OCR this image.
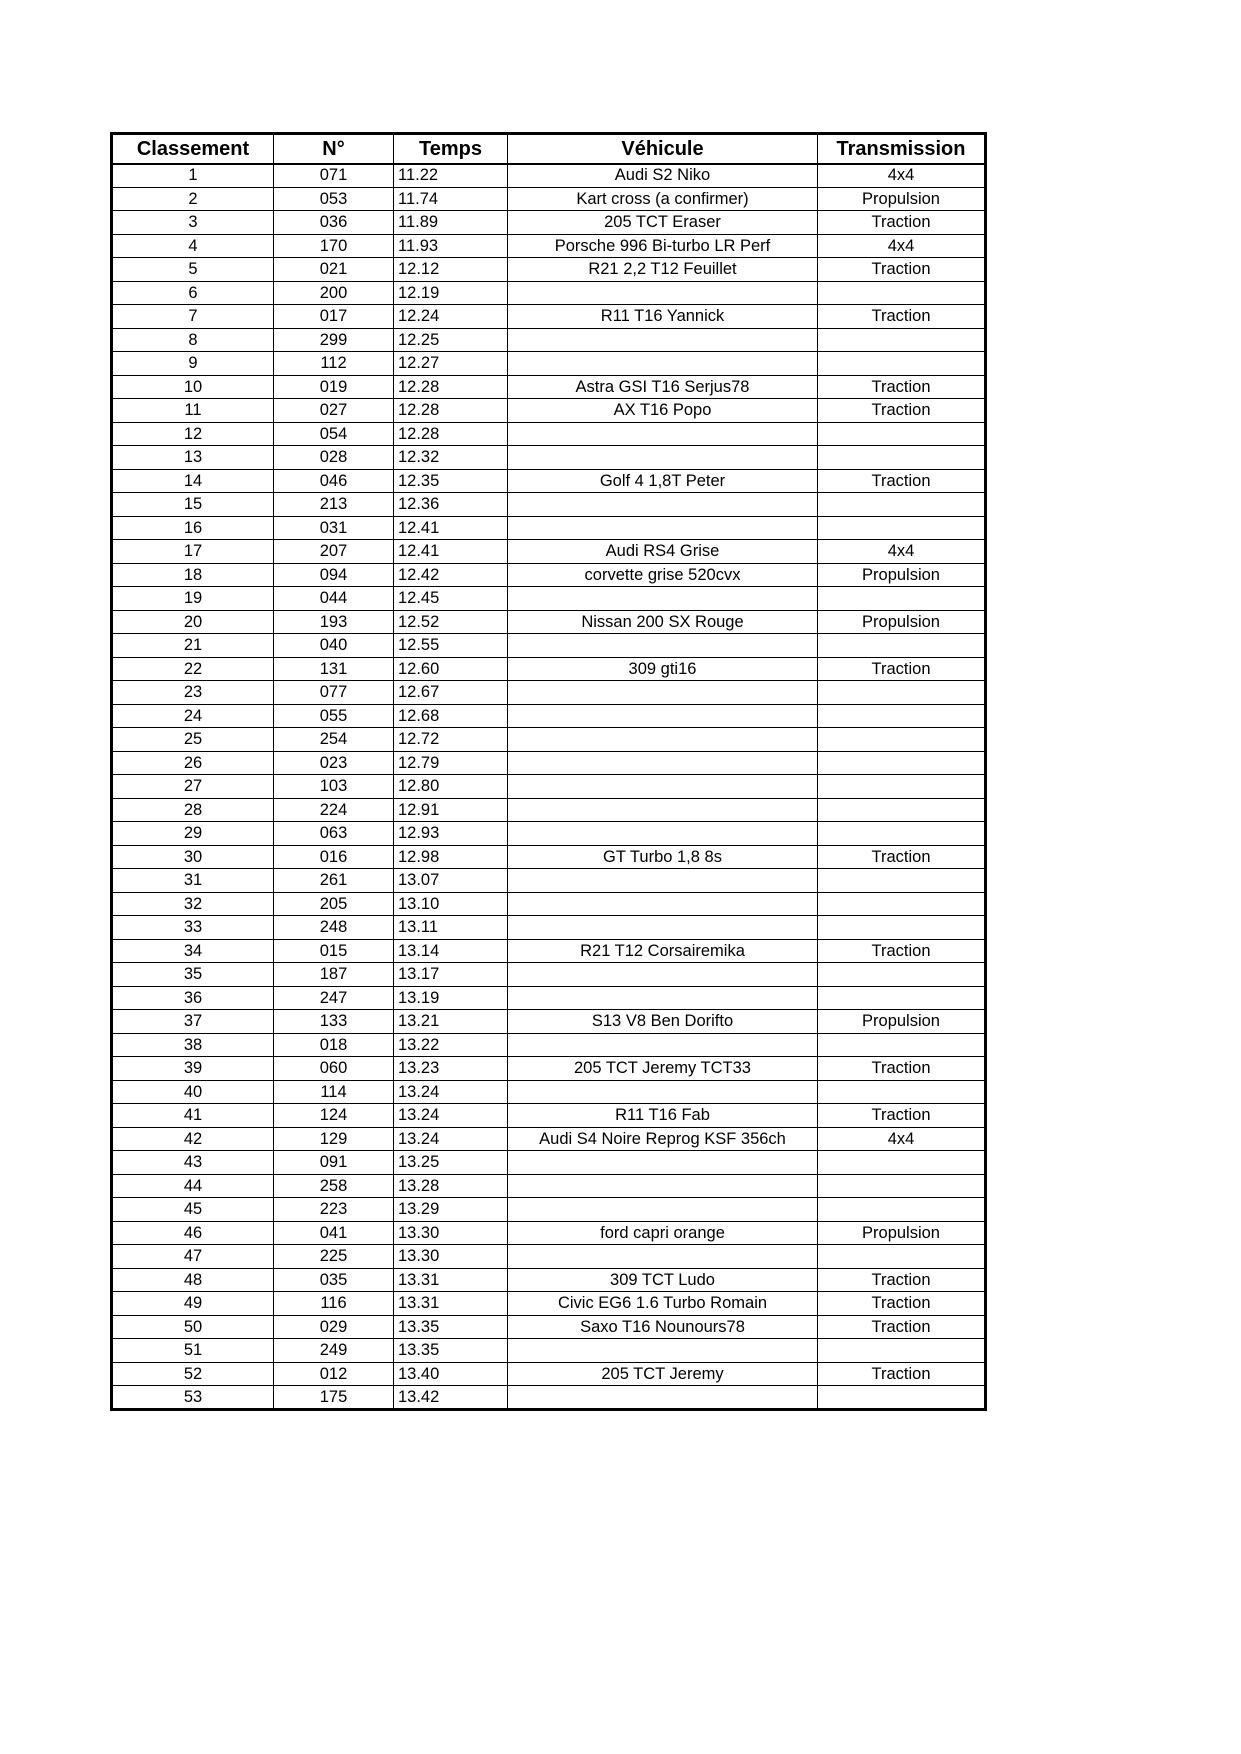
Classement	N°	Temps	Véhicule	Transmission
1	071	11.22	Audi S2 Niko	4x4
2	053	11.74	Kart cross (a confirmer)	Propulsion
3	036	11.89	205 TCT Eraser	Traction
4	170	11.93	Porsche 996 Bi-turbo LR Perf	4x4
5	021	12.12	R21 2,2 T12 Feuillet	Traction
6	200	12.19		
7	017	12.24	R11 T16 Yannick	Traction
8	299	12.25		
9	112	12.27		
10	019	12.28	Astra GSI T16 Serjus78	Traction
11	027	12.28	AX T16 Popo	Traction
12	054	12.28		
13	028	12.32		
14	046	12.35	Golf 4 1,8T Peter	Traction
15	213	12.36		
16	031	12.41		
17	207	12.41	Audi RS4 Grise	4x4
18	094	12.42	corvette grise 520cvx	Propulsion
19	044	12.45		
20	193	12.52	Nissan 200 SX Rouge	Propulsion
21	040	12.55		
22	131	12.60	309 gti16	Traction
23	077	12.67		
24	055	12.68		
25	254	12.72		
26	023	12.79		
27	103	12.80		
28	224	12.91		
29	063	12.93		
30	016	12.98	GT Turbo 1,8 8s	Traction
31	261	13.07		
32	205	13.10		
33	248	13.11		
34	015	13.14	R21 T12 Corsairemika	Traction
35	187	13.17		
36	247	13.19		
37	133	13.21	S13 V8 Ben Dorifto	Propulsion
38	018	13.22		
39	060	13.23	205 TCT Jeremy TCT33	Traction
40	114	13.24		
41	124	13.24	R11 T16 Fab	Traction
42	129	13.24	Audi S4 Noire Reprog KSF 356ch	4x4
43	091	13.25		
44	258	13.28		
45	223	13.29		
46	041	13.30	ford capri orange	Propulsion
47	225	13.30		
48	035	13.31	309 TCT Ludo	Traction
49	116	13.31	Civic EG6 1.6 Turbo Romain	Traction
50	029	13.35	Saxo T16 Nounours78	Traction
51	249	13.35		
52	012	13.40	205 TCT Jeremy	Traction
53	175	13.42		
